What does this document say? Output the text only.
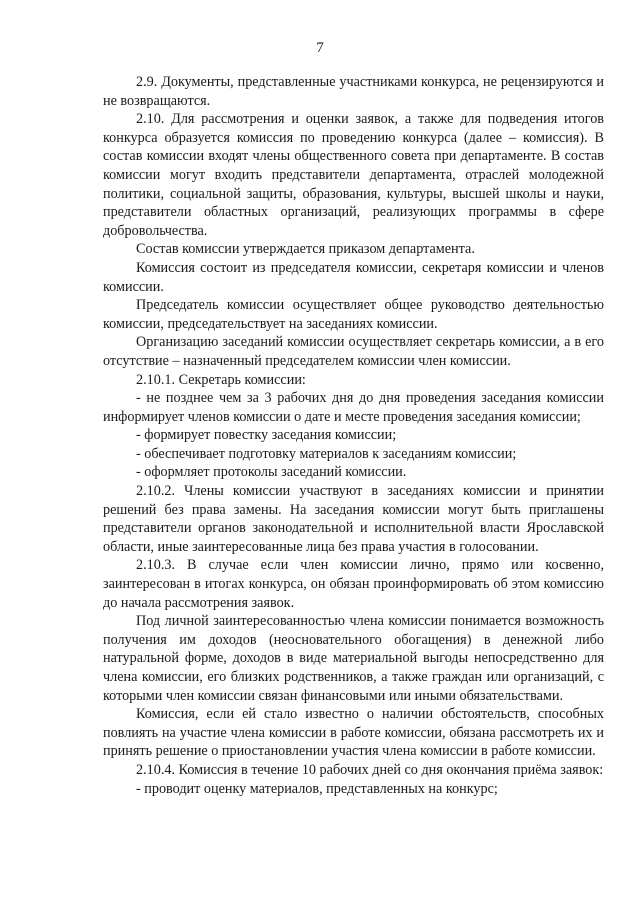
7

2.9. Документы, представленные участниками конкурса, не рецензируются и не возвращаются.

2.10. Для рассмотрения и оценки заявок, а также для подведения итогов конкурса образуется комиссия по проведению конкурса (далее – комиссия). В состав комиссии входят члены общественного совета при департаменте. В состав комиссии могут входить представители департамента, отраслей молодежной политики, социальной защиты, образования, культуры, высшей школы и науки, представители областных организаций, реализующих программы в сфере добровольчества.

Состав комиссии утверждается приказом департамента.

Комиссия состоит из председателя комиссии, секретаря комиссии и членов комиссии.

Председатель комиссии осуществляет общее руководство деятельностью комиссии, председательствует на заседаниях комиссии.

Организацию заседаний комиссии осуществляет секретарь комиссии, а в его отсутствие – назначенный председателем комиссии член комиссии.

2.10.1. Секретарь комиссии:

- не позднее чем за 3 рабочих дня до дня проведения заседания комиссии информирует членов комиссии о дате и месте проведения заседания комиссии;

- формирует повестку заседания комиссии;

- обеспечивает подготовку материалов к заседаниям комиссии;

- оформляет протоколы заседаний комиссии.

2.10.2. Члены комиссии участвуют в заседаниях комиссии и принятии решений без права замены. На заседания комиссии могут быть приглашены представители органов законодательной и исполнительной власти Ярославской области, иные заинтересованные лица без права участия в голосовании.

2.10.3. В случае если член комиссии лично, прямо или косвенно, заинтересован в итогах конкурса, он обязан проинформировать об этом комиссию до начала рассмотрения заявок.

Под личной заинтересованностью члена комиссии понимается возможность получения им доходов (неосновательного обогащения) в денежной либо натуральной форме, доходов в виде материальной выгоды непосредственно для члена комиссии, его близких родственников, а также граждан или организаций, с которыми член комиссии связан финансовыми или иными обязательствами.

Комиссия, если ей стало известно о наличии обстоятельств, способных повлиять на участие члена комиссии в работе комиссии, обязана рассмотреть их и принять решение о приостановлении участия члена комиссии в работе комиссии.

2.10.4. Комиссия в течение 10 рабочих дней со дня окончания приёма заявок:

- проводит оценку материалов, представленных на конкурс;
